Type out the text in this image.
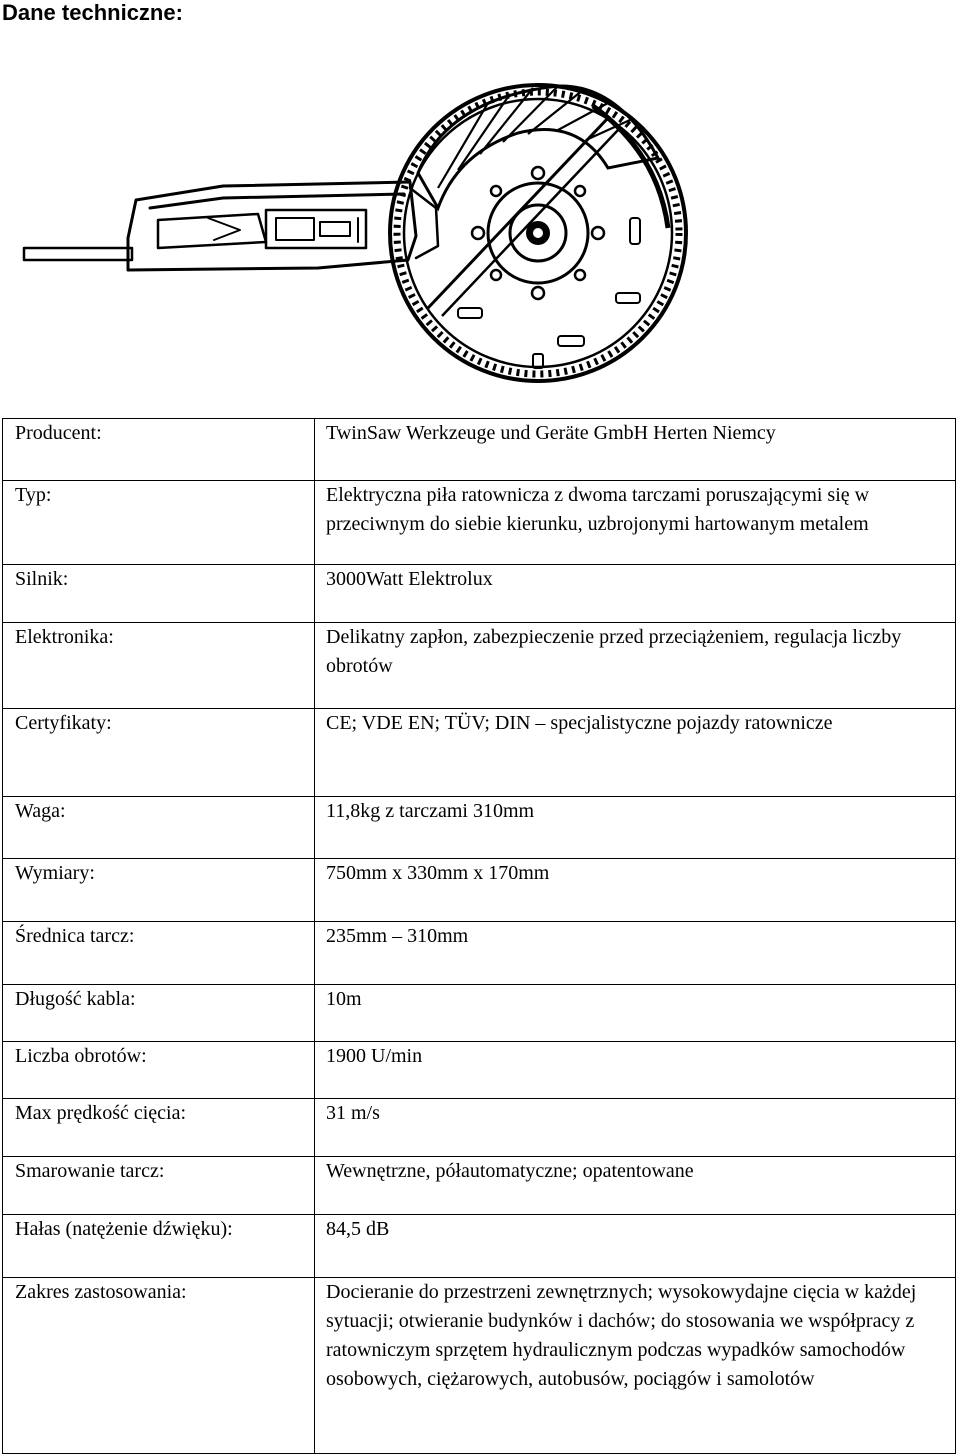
Dane techniczne:
Producent:	TwinSaw Werkzeuge und Geräte GmbH Herten Niemcy
Typ:	Elektryczna piła ratownicza z dwoma tarczami poruszającymi się w przeciwnym do siebie kierunku, uzbrojonymi hartowanym metalem
Silnik:	3000Watt Elektrolux
Elektronika:	Delikatny zapłon, zabezpieczenie przed przeciążeniem, regulacja liczby obrotów
Certyfikaty:	CE; VDE EN; TÜV; DIN – specjalistyczne pojazdy ratownicze
Waga:	11,8kg z tarczami 310mm
Wymiary:	750mm x 330mm x 170mm
Średnica tarcz:	235mm – 310mm
Długość kabla:	10m
Liczba obrotów:	1900 U/min
Max prędkość cięcia:	31 m/s
Smarowanie tarcz:	Wewnętrzne, półautomatyczne; opatentowane
Hałas (natężenie dźwięku):	84,5 dB
Zakres zastosowania:	Docieranie do przestrzeni zewnętrznych; wysokowydajne cięcia w każdej sytuacji; otwieranie budynków i dachów; do stosowania we współpracy z ratowniczym sprzętem hydraulicznym podczas wypadków samochodów osobowych, ciężarowych, autobusów, pociągów i samolotów
